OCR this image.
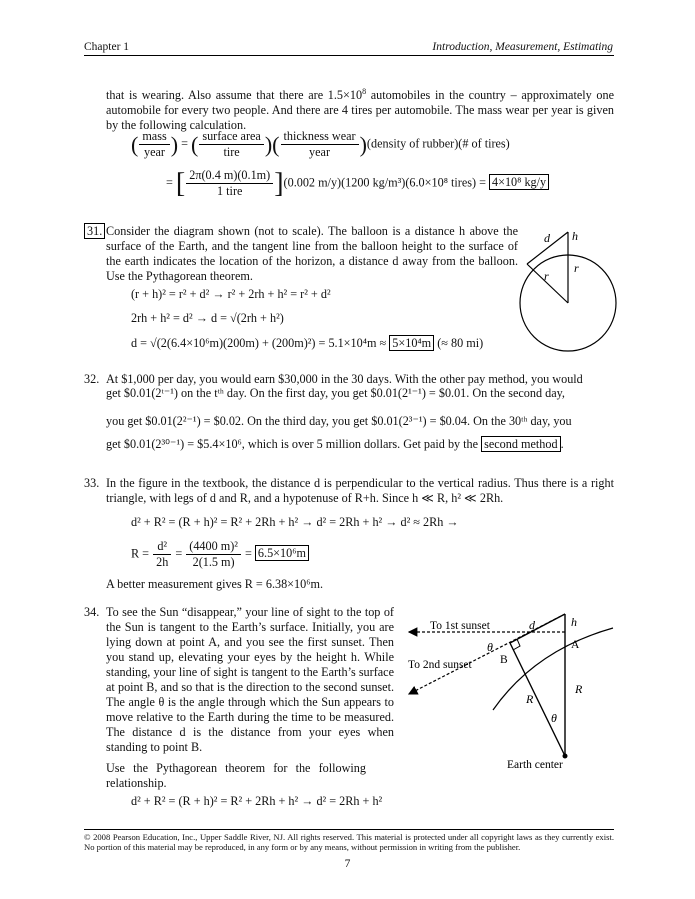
Chapter 1	Introduction, Measurement, Estimating
that is wearing. Also assume that there are $1.5\times 10^8$ automobiles in the country – approximately one automobile for every two people. And there are 4 tires per automobile. The mass wear per year is given by the following calculation.
( $\frac{\text{mass}}{\text{year}}$ ) = ( $\frac{\text{surface area}}{\text{tire}}$ )( $\frac{\text{thickness wear}}{\text{year}}$ )(density of rubber)(# of tires)
= [ $\frac{2\pi(0.4 m)(0.1m)}{\text{1 tire}} ](0.002$ m/y)(1200 kg/m³)(6.0×10⁸ tires) = 4×10⁸ kg/y
31. Consider the diagram shown (not to scale). The balloon is a distance h above the surface of the Earth, and the tangent line from the balloon height to the surface of the earth indicates the location of the horizon, a distance d away from the balloon. Use the Pythagorean theorem.
(r + h)² = r² + d² → r² + 2rh + h² = r² + d²
2rh + h² = d² → d = √(2rh + h²)
d = √(2(6.4×10⁶m)(200m) + (200m)²) = 5.1×10⁴m ≈ 5×10⁴m (≈ 80 mi)
d h
r
r
32. At $1,000 per day, you would earn $30,000 in the 30 days. With the other pay method, you would
get $0.01(2ᵗ⁻¹) on the tᵗʰ day. On the first day, you get $0.01(2¹⁻¹) = $0.01. On the second day,
you get $0.01(2²⁻¹) = $0.02. On the third day, you get $0.01(2³⁻¹) = $0.04. On the 30ᵗʰ day, you
get $0.01(2³⁰⁻¹) = $5.4×10⁶, which is over 5 million dollars. Get paid by the second method .
33. In the figure in the textbook, the distance d is perpendicular to the vertical radius. Thus there is a right triangle, with legs of d and R, and a hypotenuse of R+h. Since h ≪ R, h² ≪ 2Rh.
d² + R² = (R + h)² = R² + 2Rh + h² → d² = 2Rh + h² → d² ≈ 2Rh →
$R = \frac{\text{d²}}{2h} = \frac{\text{(4400 m)²}}{2(1.5 m)} = 6.5\times 10^6m$
A better measurement gives R = 6.38×10⁶m.
34. To see the Sun “disappear,” your line of sight to the top of the Sun is tangent to the Earth’s surface. Initially, you are lying down at point A, and you see the first sunset. Then you stand up, elevating your eyes by the height h. While standing, your line of sight is tangent to the Earth’s surface at point B, and so that is the direction to the second sunset. The angle θ is the angle through which the Sun appears to move relative to the Earth during the time to be measured. The distance d is the distance from your eyes when standing to point B.
Use the Pythagorean theorem for the following relationship.
d² + R² = (R + h)² = R² + 2Rh + h² → d² = 2Rh + h²
To 1st sunset
To 2nd sunset
d	h
A
B
θ
θ
R
R
Earth center
© 2008 Pearson Education, Inc., Upper Saddle River, NJ. All rights reserved. This material is protected under all copyright laws as they currently exist. No portion of this material may be reproduced, in any form or by any means, without permission in writing from the publisher.
7
